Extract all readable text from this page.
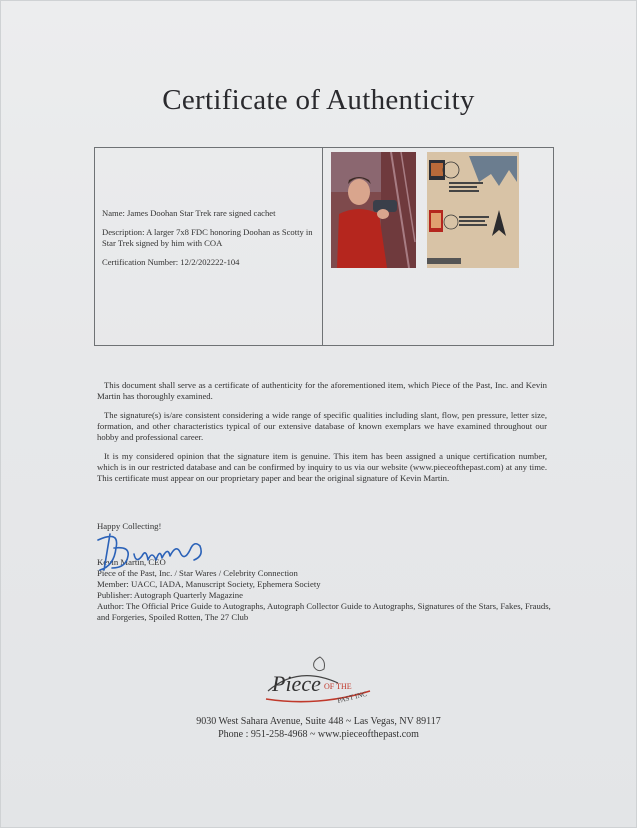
Certificate of Authenticity

Name: James Doohan Star Trek rare signed cachet

Description: A larger 7x8 FDC honoring Doohan as Scotty in Star Trek signed by him with COA

Certification Number: 12/2/202222-104

This document shall serve as a certificate of authenticity for the aforementioned item, which Piece of the Past, Inc. and Kevin Martin has thoroughly examined.

The signature(s) is/are consistent considering a wide range of specific qualities including slant, flow, pen pressure, letter size, formation, and other characteristics typical of our extensive database of known exemplars we have examined throughout our hobby and professional career.

It is my considered opinion that the signature item is genuine. This item has been assigned a unique certification number, which is in our restricted database and can be confirmed by inquiry to us via our website (www.pieceofthepast.com) at any time. This certificate must appear on our proprietary paper and bear the original signature of Kevin Martin.

Happy Collecting!
Kevin Martin, CEO
Piece of the Past, Inc. / Star Wares / Celebrity Connection
Member: UACC, IADA, Manuscript Society, Ephemera Society
Publisher: Autograph Quarterly Magazine
Author: The Official Price Guide to Autographs, Autograph Collector Guide to Autographs, Signatures of the Stars, Fakes, Frauds, and Forgeries, Spoiled Rotten, The 27 Club
Piece OF THE
PAST INC
9030 West Sahara Avenue, Suite 448 ~ Las Vegas, NV 89117
Phone : 951-258-4968 ~ www.pieceofthepast.com
